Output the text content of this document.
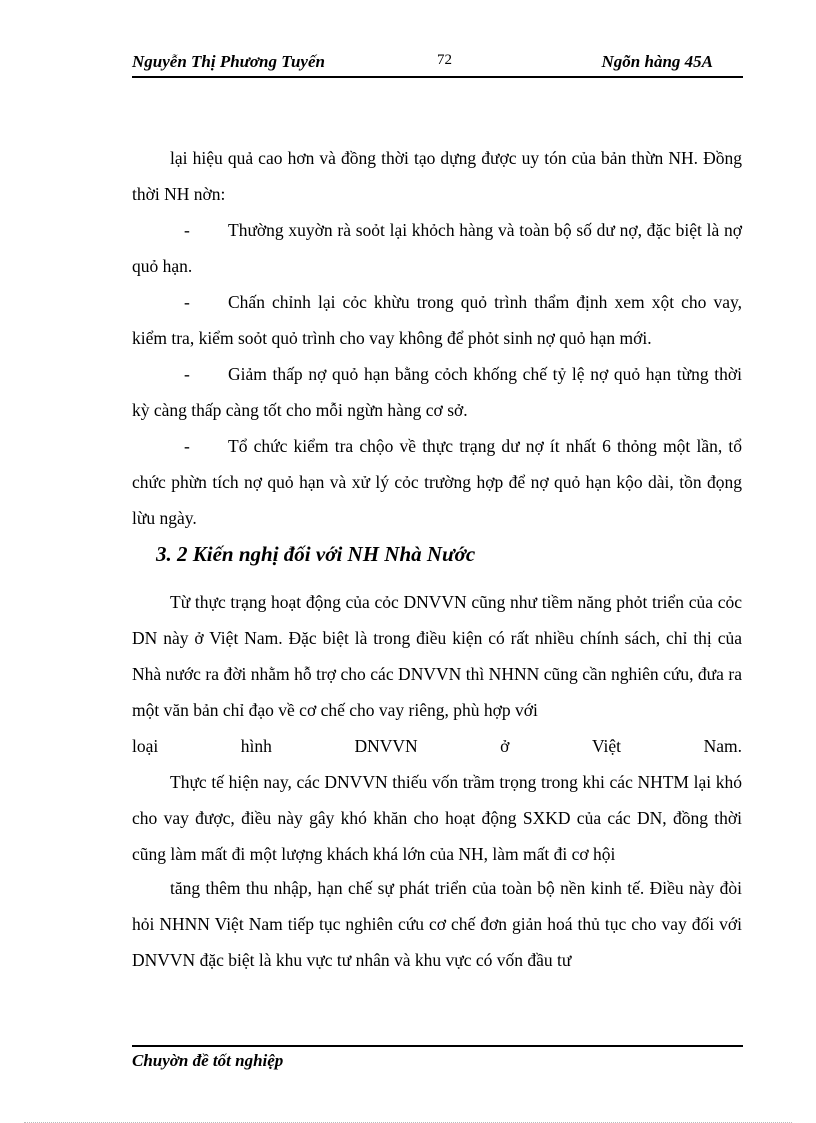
Nguyễn Thị Phương Tuyến	72	Ngõn hàng 45A

lại hiệu quả cao hơn và đồng thời tạo dựng được uy tón của bản thừn NH. Đồng thời NH nờn:

- Thường xuyờn rà soỏt lại khỏch hàng và toàn bộ số dư nợ, đặc biệt là nợ quỏ hạn.

- Chấn chỉnh lại cỏc khừu trong quỏ trình thẩm định xem xột cho vay, kiểm tra, kiểm soỏt quỏ trình cho vay không để phỏt sinh nợ quỏ hạn mới.

- Giảm thấp nợ quỏ hạn bằng cỏch khống chế tỷ lệ nợ quỏ hạn từng thời kỳ càng thấp càng tốt cho mỗi ngừn hàng cơ sở.

- Tổ chức kiểm tra chộo về thực trạng dư nợ ít nhất 6 thỏng một lần, tổ chức phừn tích nợ quỏ hạn và xử lý cỏc trường hợp để nợ quỏ hạn kộo dài, tồn đọng lừu ngày.

3. 2 Kiến nghị đối với NH Nhà Nước

Từ thực trạng hoạt động của cỏc DNVVN cũng như tiềm năng phỏt triển của cỏc DN này ở Việt Nam. Đặc biệt là trong điều kiện có rất nhiều chính sách, chỉ thị của Nhà nước ra đời nhằm hỗ trợ cho các DNVVN thì NHNN cũng cần nghiên cứu, đưa ra một văn bản chỉ đạo về cơ chế cho vay riêng, phù hợp với

loại	hình	DNVVN	ở	Việt	Nam.

Thực tế hiện nay, các DNVVN thiếu vốn trầm trọng trong khi các NHTM lại khó cho vay được, điều này gây khó khăn cho hoạt động SXKD của các DN, đồng thời cũng làm mất đi một lượng khách khá lớn của NH, làm mất đi cơ hội

tăng thêm thu nhập, hạn chế sự phát triển của toàn bộ nền kinh tế. Điều này đòi hỏi NHNN Việt Nam tiếp tục nghiên cứu cơ chế đơn giản hoá thủ tục cho vay đối với DNVVN đặc biệt là khu vực tư nhân và khu vực có vốn đầu tư

Chuyờn đề tốt nghiệp
